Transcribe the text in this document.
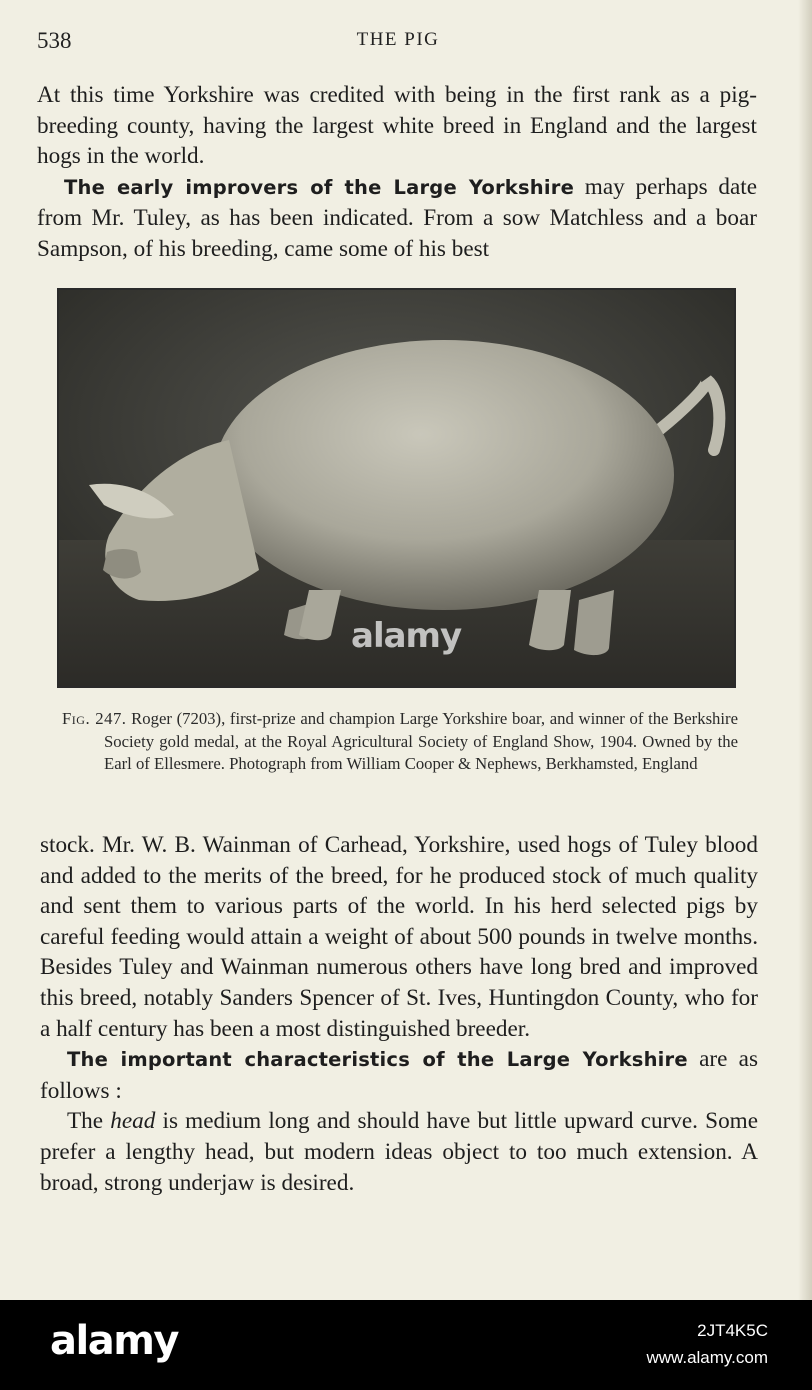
538	THE PIG

At this time Yorkshire was credited with being in the first rank as a pig-breeding county, having the largest white breed in England and the largest hogs in the world.

The early improvers of the Large Yorkshire may perhaps date from Mr. Tuley, as has been indicated. From a sow Matchless and a boar Sampson, of his breeding, came some of his best

alamy
Fig. 247. Roger (7203), first-prize and champion Large Yorkshire boar, and winner of the Berkshire Society gold medal, at the Royal Agricultural Society of England Show, 1904. Owned by the Earl of Ellesmere. Photograph from William Cooper & Nephews, Berkhamsted, England

stock. Mr. W. B. Wainman of Carhead, Yorkshire, used hogs of Tuley blood and added to the merits of the breed, for he produced stock of much quality and sent them to various parts of the world. In his herd selected pigs by careful feeding would attain a weight of about 500 pounds in twelve months. Besides Tuley and Wainman numerous others have long bred and improved this breed, notably Sanders Spencer of St. Ives, Huntingdon County, who for a half century has been a most distinguished breeder.

The important characteristics of the Large Yorkshire are as follows :

The head is medium long and should have but little upward curve. Some prefer a lengthy head, but modern ideas object to too much extension. A broad, strong underjaw is desired.

alamy	2JT4K5C
www.alamy.com
